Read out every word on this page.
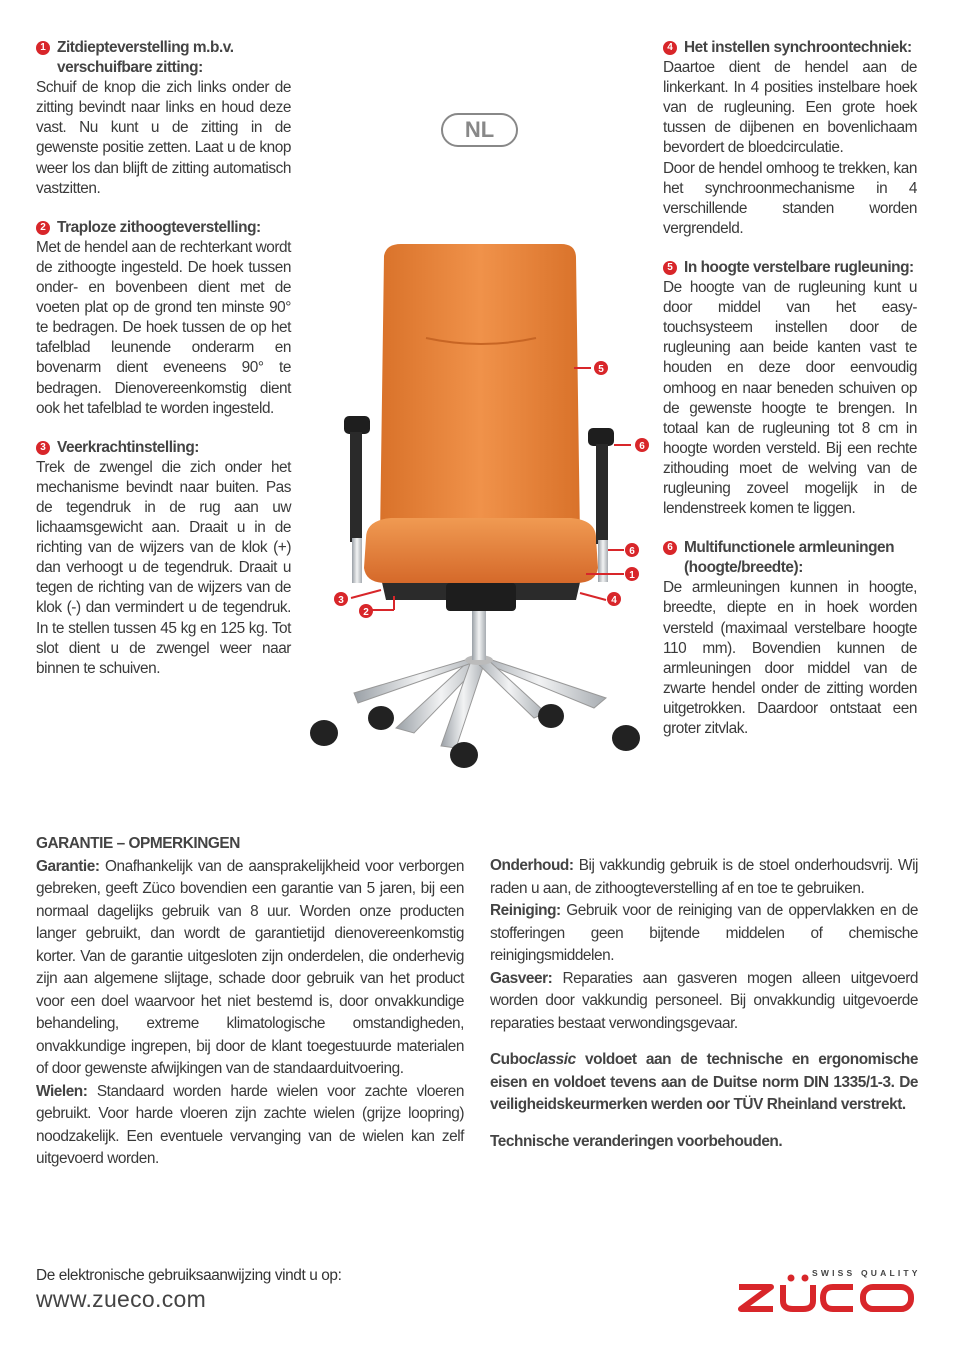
1 Zitdiepteverstelling m.b.v. verschuifbare zitting:

Schuif de knop die zich links onder de zitting bevindt naar links en houd deze vast. Nu kunt u de zitting in de gewenste positie zetten. Laat u de knop weer los dan blijft de zitting automatisch vastzitten.

2 Traploze zithoogteverstelling:

Met de hendel aan de rechterkant wordt de zithoogte ingesteld. De hoek tussen onder- en bovenbeen dient met de voeten plat op de grond ten minste 90° te bedragen. De hoek tussen de op het tafelblad leunende onderarm en bovenarm dient eveneens 90° te bedragen. Dienovereenkomstig dient ook het tafelblad te worden ingesteld.

3 Veerkrachtinstelling:

Trek de zwengel die zich onder het mechanisme bevindt naar buiten. Pas de tegendruk in de rug aan uw lichaamsgewicht aan. Draait u in de richting van de wijzers van de klok (+) dan verhoogt u de tegendruk. Draait u tegen de richting van de wijzers van de klok (-) dan vermindert u de tegendruk. In te stellen tussen 45 kg en 125 kg. Tot slot dient u de zwengel weer naar binnen te schuiven.

NL
4 Het instellen synchroontechniek:

Daartoe dient de hendel aan de linkerkant. In 4 posities instelbare hoek van de rugleuning. Een grote hoek tussen de dijbenen en bovenlichaam bevordert de bloedcirculatie.

Door de hendel omhoog te trekken, kan het synchroonmechanisme in 4 verschillende standen worden vergrendeld.

5 In hoogte verstelbare rugleuning:

De hoogte van de rugleuning kunt u door middel van het easy-touchsysteem instellen door de rugleuning aan beide kanten vast te houden en deze door eenvoudig omhoog en naar beneden schuiven op de gewenste hoogte te brengen. In totaal kan de rugleuning tot 8 cm in hoogte worden versteld. Bij een rechte zithouding moet de welving van de rugleuning zoveel mogelijk in de lendenstreek komen te liggen.

6 Multifunctionele armleuningen (hoogte/breedte):

De armleuningen kunnen in hoogte, breedte, diepte en in hoek worden versteld (maximaal verstelbare hoogte 110 mm). Bovendien kunnen de armleuningen door middel van de zwarte hendel onder de zitting worden uitgetrokken. Daardoor ontstaat een groter zitvlak.

5
6
6
1
3	4
2

GARANTIE – OPMERKINGEN

Garantie: Onafhankelijk van de aansprakelijkheid voor verborgen gebreken, geeft Züco bovendien een garantie van 5 jaren, bij een normaal dagelijks gebruik van 8 uur. Worden onze producten langer gebruikt, dan wordt de garantietijd dienovereenkomstig korter. Van de garantie uitgesloten zijn onderdelen, die onderhevig zijn aan algemene slijtage, schade door gebruik van het product voor een doel waarvoor het niet bestemd is, door onvakkundige behandeling, extreme klimatologische omstandigheden, onvakkundige ingrepen, bij door de klant toegestuurde materialen of door gewenste afwijkingen van de standaarduitvoering.

Wielen: Standaard worden harde wielen voor zachte vloeren gebruikt. Voor harde vloeren zijn zachte wielen (grijze loopring) noodzakelijk. Een eventuele vervanging van de wielen kan zelf uitgevoerd worden.

Onderhoud: Bij vakkundig gebruik is de stoel onderhoudsvrij. Wij raden u aan, de zithoogteverstelling af en toe te gebruiken.

Reiniging: Gebruik voor de reiniging van de oppervlakken en de stofferingen geen bijtende middelen of chemische reinigingsmiddelen.

Gasveer: Reparaties aan gasveren mogen alleen uitgevoerd worden door vakkundig personeel. Bij onvakkundig uitgevoerde reparaties bestaat verwondingsgevaar.

Cuboclassic voldoet aan de technische en ergonomische eisen en voldoet tevens aan de Duitse norm DIN 1335/1-3. De veiligheidskeurmerken werden oor TÜV Rheinland verstrekt.

Technische veranderingen voorbehouden.

De elektronische gebruiksaanwijzing vindt u op:
www.zueco.com
SWISS QUALITY
